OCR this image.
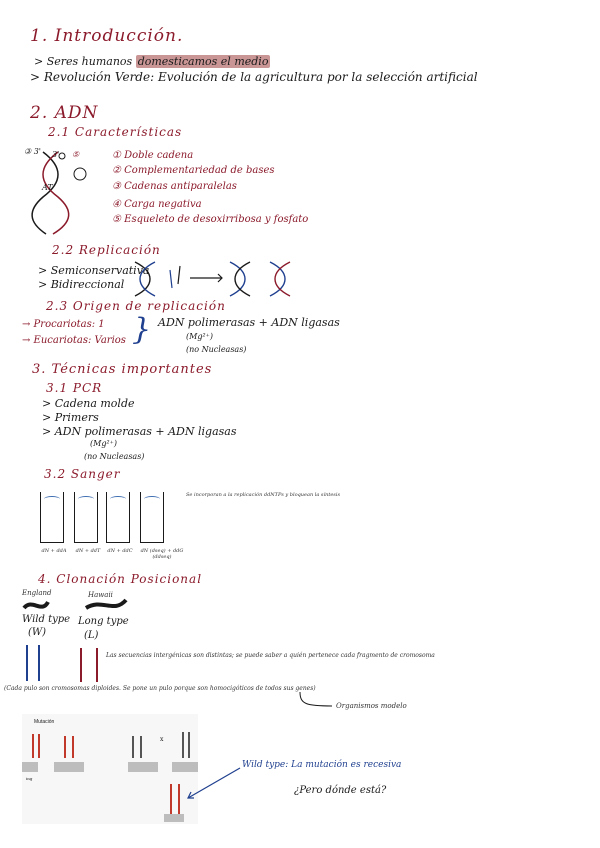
1. Introducción.
> Seres humanos domesticamos el medio
> Revolución Verde: Evolución de la agricultura por la selección artificial
2. ADN
2.1 Características
③ 3' 3'
AT
⑤	① Doble cadena
② Complementariedad de bases
③ Cadenas antiparalelas
④ Carga negativa
⑤ Esqueleto de desoxirribosa y fosfato
2.2 Replicación
> Semiconservativa
> Bidireccional
2.3 Origen de replicación
→ Procariotas: 1
→ Eucariotas: Varios } ADN polimerasas + ADN ligasas
(Mg²⁺)
(no Nucleasas)
3. Técnicas importantes
3.1 PCR
> Cadena molde
> Primers
> ADN polimerasas + ADN ligasas
(Mg²⁺)
(no Nucleasas)
3.2 Sanger
Se incorporan a la replicación ddNTPs y bloquean la síntesis
dN + ddA	dN + ddT	dN + ddC dN (dseq) + ddG (ddseq)
4. Clonación Posicional
England	Hawaii
Wild type
(W)
Long type
(L)
Las secuencias intergénicas son distintas; se puede saber a quién pertenece cada fragmento de cromosoma
(Cada pulo son cromosomas diploides. Se pone un pulo porque son homocigóticos de todos sus genes)
Organismos modelo
Mutación
x
ing
Wild type: La mutación es recesiva
¿Pero dónde está?
